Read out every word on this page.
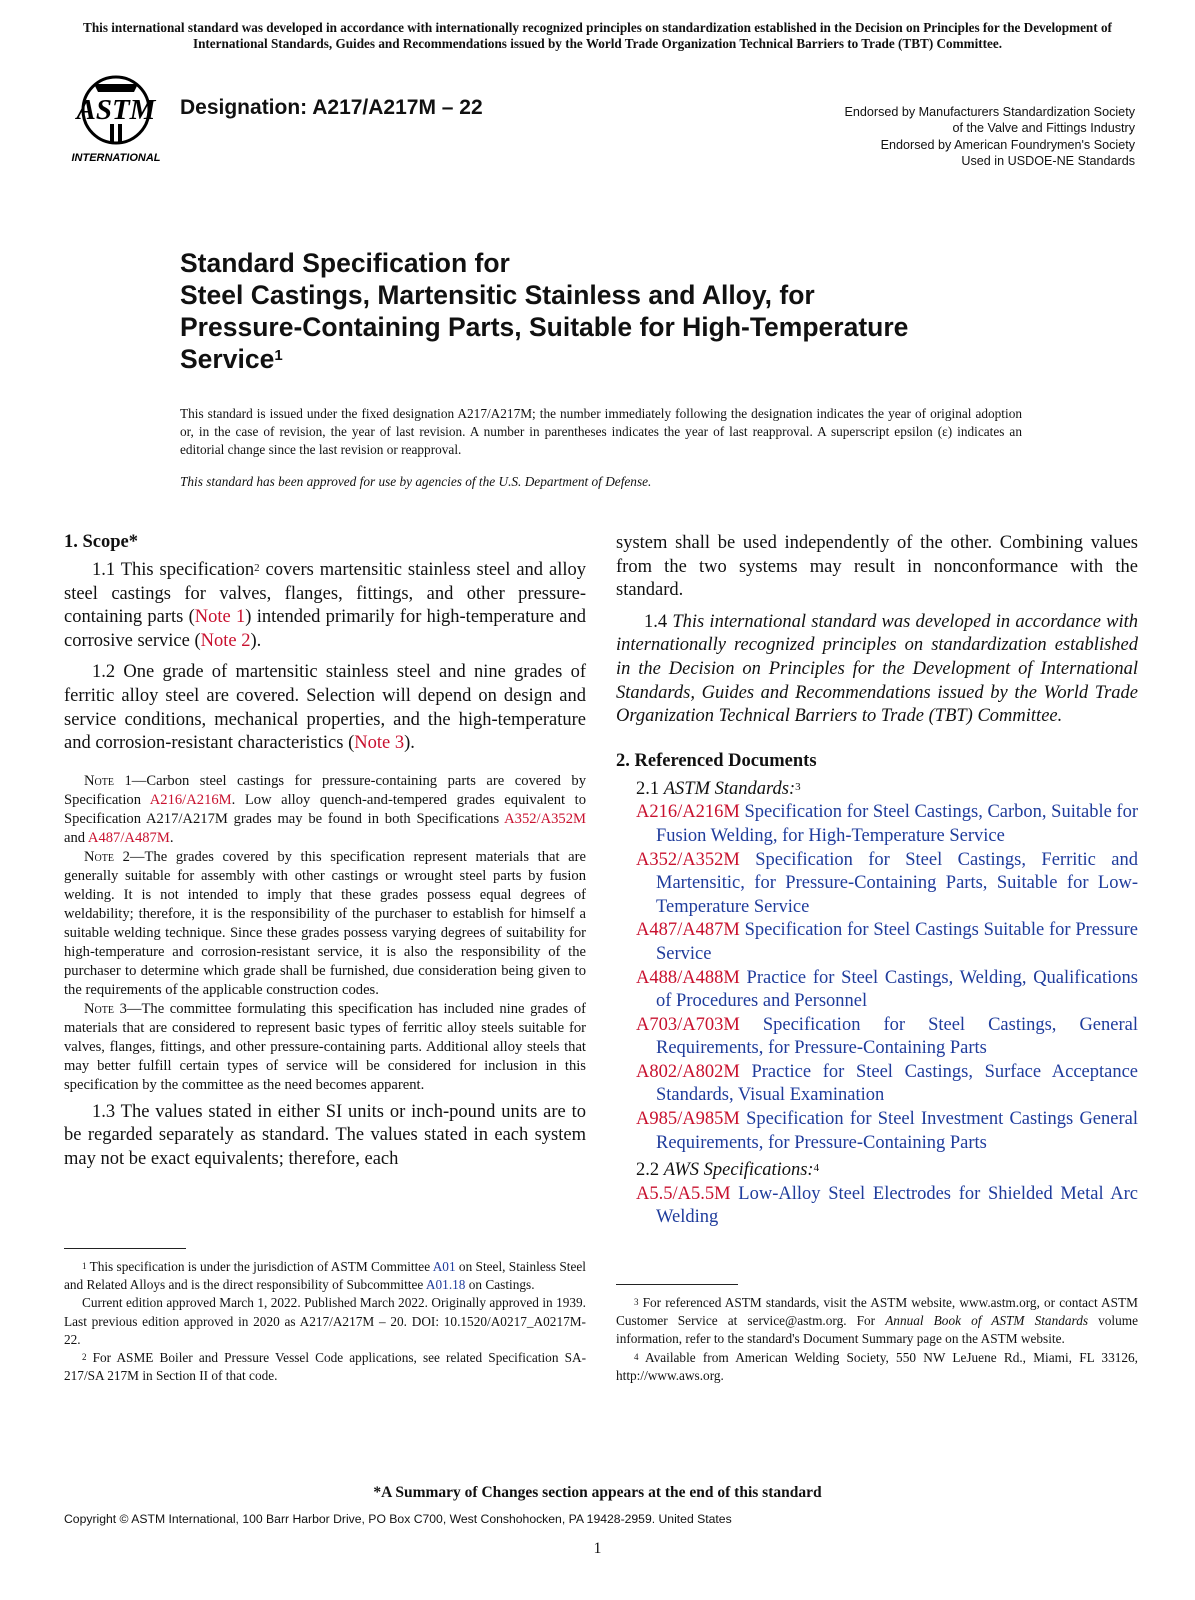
This international standard was developed in accordance with internationally recognized principles on standardization established in the Decision on Principles for the Development of International Standards, Guides and Recommendations issued by the World Trade Organization Technical Barriers to Trade (TBT) Committee.
ASTM
INTERNATIONAL
Designation: A217/A217M – 22	Endorsed by Manufacturers Standardization Society
of the Valve and Fittings Industry
Endorsed by American Foundrymen's Society
Used in USDOE-NE Standards
Standard Specification for
Steel Castings, Martensitic Stainless and Alloy, for
Pressure-Containing Parts, Suitable for High-Temperature
Service$^1$
This standard is issued under the fixed designation A217/A217M; the number immediately following the designation indicates the year of original adoption or, in the case of revision, the year of last revision. A number in parentheses indicates the year of last reapproval. A superscript epsilon (ε) indicates an editorial change since the last revision or reapproval.
This standard has been approved for use by agencies of the U.S. Department of Defense.
1. Scope*

1.1 This specification$^2$ covers martensitic stainless steel and alloy steel castings for valves, flanges, fittings, and other pressure-containing parts (Note 1) intended primarily for high-temperature and corrosive service (Note 2).

1.2 One grade of martensitic stainless steel and nine grades of ferritic alloy steel are covered. Selection will depend on design and service conditions, mechanical properties, and the high-temperature and corrosion-resistant characteristics (Note 3).

Note 1—Carbon steel castings for pressure-containing parts are covered by Specification A216/A216M. Low alloy quench-and-tempered grades equivalent to Specification A217/A217M grades may be found in both Specifications A352/A352M and A487/A487M.

Note 2—The grades covered by this specification represent materials that are generally suitable for assembly with other castings or wrought steel parts by fusion welding. It is not intended to imply that these grades possess equal degrees of weldability; therefore, it is the responsibility of the purchaser to establish for himself a suitable welding technique. Since these grades possess varying degrees of suitability for high-temperature and corrosion-resistant service, it is also the responsibility of the purchaser to determine which grade shall be furnished, due consideration being given to the requirements of the applicable construction codes.

Note 3—The committee formulating this specification has included nine grades of materials that are considered to represent basic types of ferritic alloy steels suitable for valves, flanges, fittings, and other pressure-containing parts. Additional alloy steels that may better fulfill certain types of service will be considered for inclusion in this specification by the committee as the need becomes apparent.

1.3 The values stated in either SI units or inch-pound units are to be regarded separately as standard. The values stated in each system may not be exact equivalents; therefore, each

system shall be used independently of the other. Combining values from the two systems may result in nonconformance with the standard.

1.4 This international standard was developed in accordance with internationally recognized principles on standardization established in the Decision on Principles for the Development of International Standards, Guides and Recommendations issued by the World Trade Organization Technical Barriers to Trade (TBT) Committee.

2. Referenced Documents
2.1 ASTM Standards:$^3$

A216/A216M Specification for Steel Castings, Carbon, Suitable for Fusion Welding, for High-Temperature Service

A352/A352M Specification for Steel Castings, Ferritic and Martensitic, for Pressure-Containing Parts, Suitable for Low-Temperature Service

A487/A487M Specification for Steel Castings Suitable for Pressure Service

A488/A488M Practice for Steel Castings, Welding, Qualifications of Procedures and Personnel

A703/A703M Specification for Steel Castings, General Requirements, for Pressure-Containing Parts

A802/A802M Practice for Steel Castings, Surface Acceptance Standards, Visual Examination

A985/A985M Specification for Steel Investment Castings General Requirements, for Pressure-Containing Parts

2.2 AWS Specifications:$^4$

A5.5/A5.5M Low-Alloy Steel Electrodes for Shielded Metal Arc Welding

$^1$ This specification is under the jurisdiction of ASTM Committee A01 on Steel, Stainless Steel and Related Alloys and is the direct responsibility of Subcommittee A01.18 on Castings.

Current edition approved March 1, 2022. Published March 2022. Originally approved in 1939. Last previous edition approved in 2020 as A217/A217M – 20. DOI: 10.1520/A0217_A0217M-22.

$^2$ For ASME Boiler and Pressure Vessel Code applications, see related Specification SA-217/SA 217M in Section II of that code.

$^3$ For referenced ASTM standards, visit the ASTM website, www.astm.org, or contact ASTM Customer Service at service@astm.org. For Annual Book of ASTM Standards volume information, refer to the standard's Document Summary page on the ASTM website.

$^4$ Available from American Welding Society, 550 NW LeJuene Rd., Miami, FL 33126, http://www.aws.org.

*A Summary of Changes section appears at the end of this standard
Copyright © ASTM International, 100 Barr Harbor Drive, PO Box C700, West Conshohocken, PA 19428-2959. United States
1
